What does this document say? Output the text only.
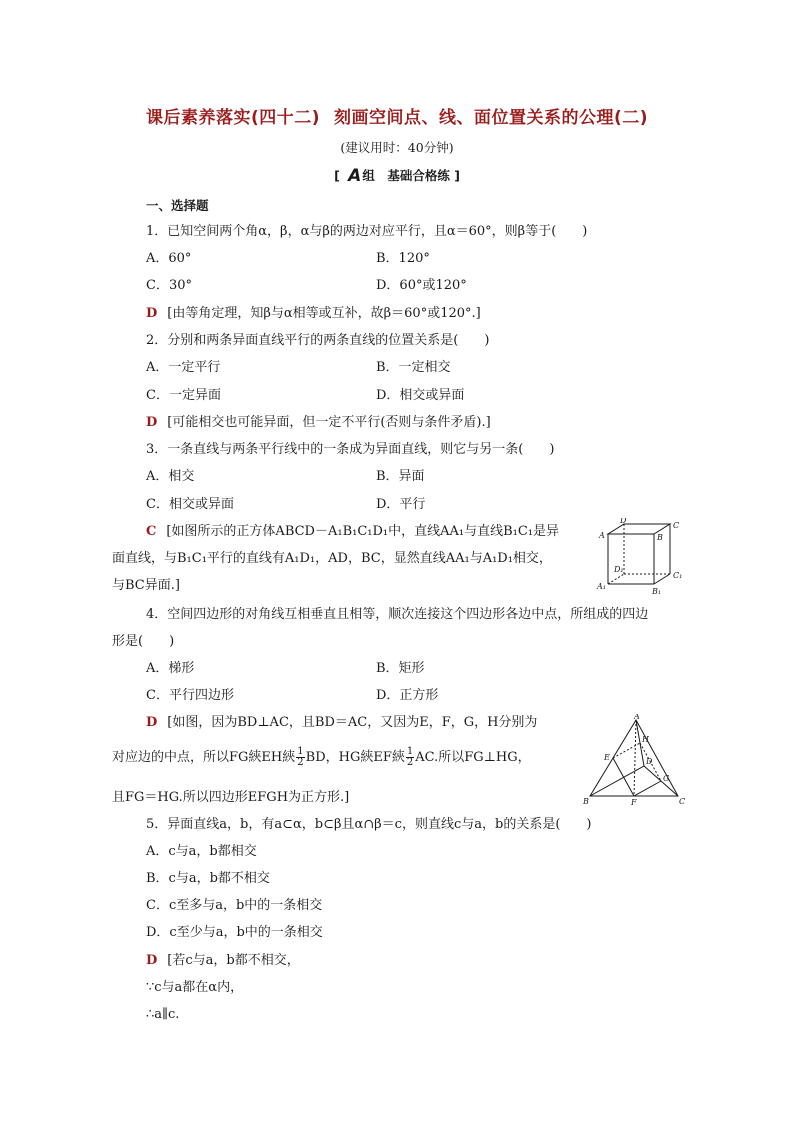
课后素养落实(四十二) 刻画空间点、线、面位置关系的公理(二)
(建议用时：40分钟)
[ A组　基础合格练 ]
一、选择题
1．已知空间两个角α，β，α与β的两边对应平行，且α＝60°，则β等于(　　)
A．60°	B．120°
C．30°	D．60°或120°
D [由等角定理，知β与α相等或互补，故β＝60°或120°.]
2．分别和两条异面直线平行的两条直线的位置关系是(　　)
A．一定平行	B．一定相交
C．一定异面	D．相交或异面
D [可能相交也可能异面，但一定不平行(否则与条件矛盾).]
3．一条直线与两条平行线中的一条成为异面直线，则它与另一条(　　)
A．相交	B．异面
C．相交或异面	D．平行
C [如图所示的正方体ABCD－A₁B₁C₁D₁中，直线AA₁与直线B₁C₁是异
面直线，与B₁C₁平行的直线有A₁D₁，AD，BC，显然直线AA₁与A₁D₁相交，
与BC异面.]
A	B
C
D
A₁
B₁
C₁
D₁
4．空间四边形的对角线互相垂直且相等，顺次连接这个四边形各边中点，所组成的四边
形是(　　)
A．梯形	B．矩形
C．平行四边形	D．正方形
D [如图，因为BD⊥AC，且BD＝AC，又因为E，F，G，H分别为
对应边的中点，所以FG綊EH綊 $\frac{1}{2}$ BD，HG綊EF綊 $\frac{1}{2}$ AC.所以FG⊥HG，
且FG＝HG.所以四边形EFGH为正方形.]
A
B	C
D
E
F
G
H
5．异面直线a，b，有a⊂α，b⊂β且α∩β＝c，则直线c与a，b的关系是(　　)
A．c与a，b都相交
B．c与a，b都不相交
C．c至多与a，b中的一条相交
D．c至少与a，b中的一条相交
D [若c与a，b都不相交，
∵c与a都在α内，
∴a∥c.
